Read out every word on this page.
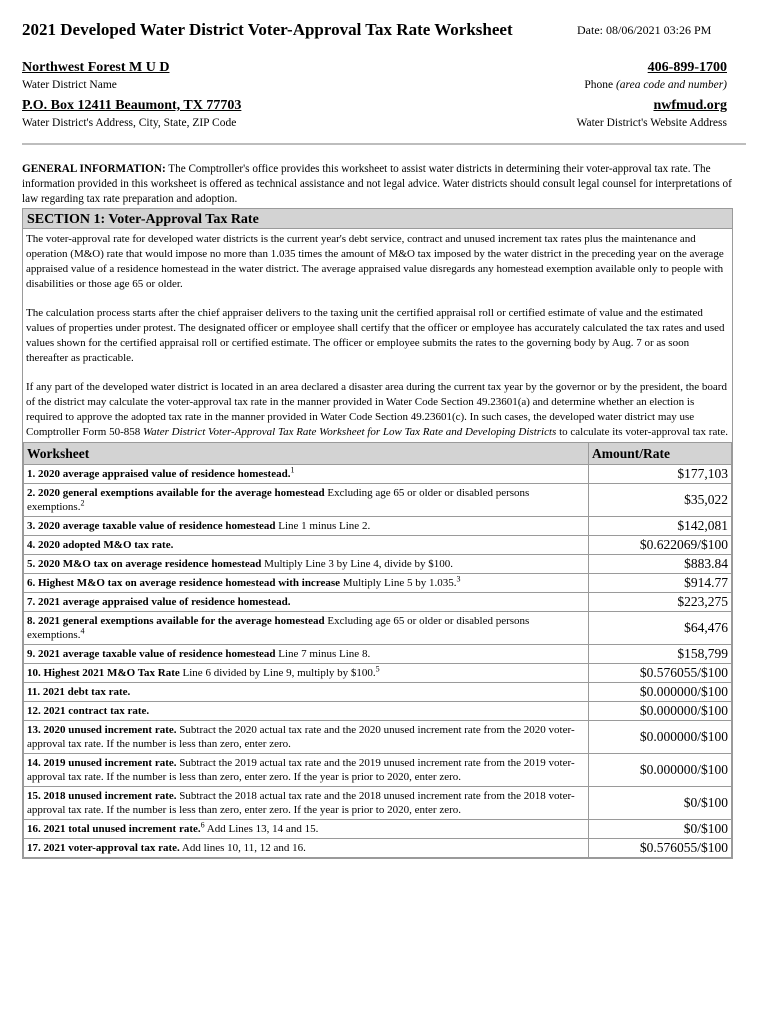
2021 Developed Water District Voter-Approval Tax Rate Worksheet	Date: 08/06/2021 03:26 PM
Northwest Forest M U D
Water District Name
P.O. Box 12411 Beaumont, TX 77703
Water District's Address, City, State, ZIP Code
406-899-1700
Phone (area code and number)
nwfmud.org
Water District's Website Address
GENERAL INFORMATION: The Comptroller's office provides this worksheet to assist water districts in determining their voter-approval tax rate. The information provided in this worksheet is offered as technical assistance and not legal advice. Water districts should consult legal counsel for interpretations of law regarding tax rate preparation and adoption.
SECTION 1: Voter-Approval Tax Rate

The voter-approval rate for developed water districts is the current year's debt service, contract and unused increment tax rates plus the maintenance and operation (M&O) rate that would impose no more than 1.035 times the amount of M&O tax imposed by the water district in the preceding year on the average appraised value of a residence homestead in the water district. The average appraised value disregards any homestead exemption available only to people with disabilities or those age 65 or older.

The calculation process starts after the chief appraiser delivers to the taxing unit the certified appraisal roll or certified estimate of value and the estimated values of properties under protest. The designated officer or employee shall certify that the officer or employee has accurately calculated the tax rates and used values shown for the certified appraisal roll or certified estimate. The officer or employee submits the rates to the governing body by Aug. 7 or as soon thereafter as practicable.

If any part of the developed water district is located in an area declared a disaster area during the current tax year by the governor or by the president, the board of the district may calculate the voter-approval tax rate in the manner provided in Water Code Section 49.23601(a) and determine whether an election is required to approve the adopted tax rate in the manner provided in Water Code Section 49.23601(c). In such cases, the developed water district may use Comptroller Form 50-858 Water District Voter-Approval Tax Rate Worksheet for Low Tax Rate and Developing Districts to calculate its voter-approval tax rate.

Worksheet	Amount/Rate
1. 2020 average appraised value of residence homestead.$^1$	$177,103
2. 2020 general exemptions available for the average homestead Excluding age 65 or older or disabled persons exemptions.$^2$	$35,022
3. 2020 average taxable value of residence homestead Line 1 minus Line 2.	$142,081
4. 2020 adopted M&O tax rate.	$0.622069/$100
5. 2020 M&O tax on average residence homestead Multiply Line 3 by Line 4, divide by $100.	$883.84
6. Highest M&O tax on average residence homestead with increase Multiply Line 5 by 1.035.$^3$	$914.77
7. 2021 average appraised value of residence homestead.	$223,275
8. 2021 general exemptions available for the average homestead Excluding age 65 or older or disabled persons exemptions.$^4$	$64,476
9. 2021 average taxable value of residence homestead Line 7 minus Line 8.	$158,799
10. Highest 2021 M&O Tax Rate Line 6 divided by Line 9, multiply by $100.$^5$	$0.576055/$100
11. 2021 debt tax rate.	$0.000000/$100
12. 2021 contract tax rate.	$0.000000/$100
13. 2020 unused increment rate. Subtract the 2020 actual tax rate and the 2020 unused increment rate from the 2020 voter-approval tax rate. If the number is less than zero, enter zero.	$0.000000/$100
14. 2019 unused increment rate. Subtract the 2019 actual tax rate and the 2019 unused increment rate from the 2019 voter-approval tax rate. If the number is less than zero, enter zero. If the year is prior to 2020, enter zero.	$0.000000/$100
15. 2018 unused increment rate. Subtract the 2018 actual tax rate and the 2018 unused increment rate from the 2018 voter-approval tax rate. If the number is less than zero, enter zero. If the year is prior to 2020, enter zero.	$0/$100
16. 2021 total unused increment rate.$^6$ Add Lines 13, 14 and 15.	$0/$100
17. 2021 voter-approval tax rate. Add lines 10, 11, 12 and 16.	$0.576055/$100
